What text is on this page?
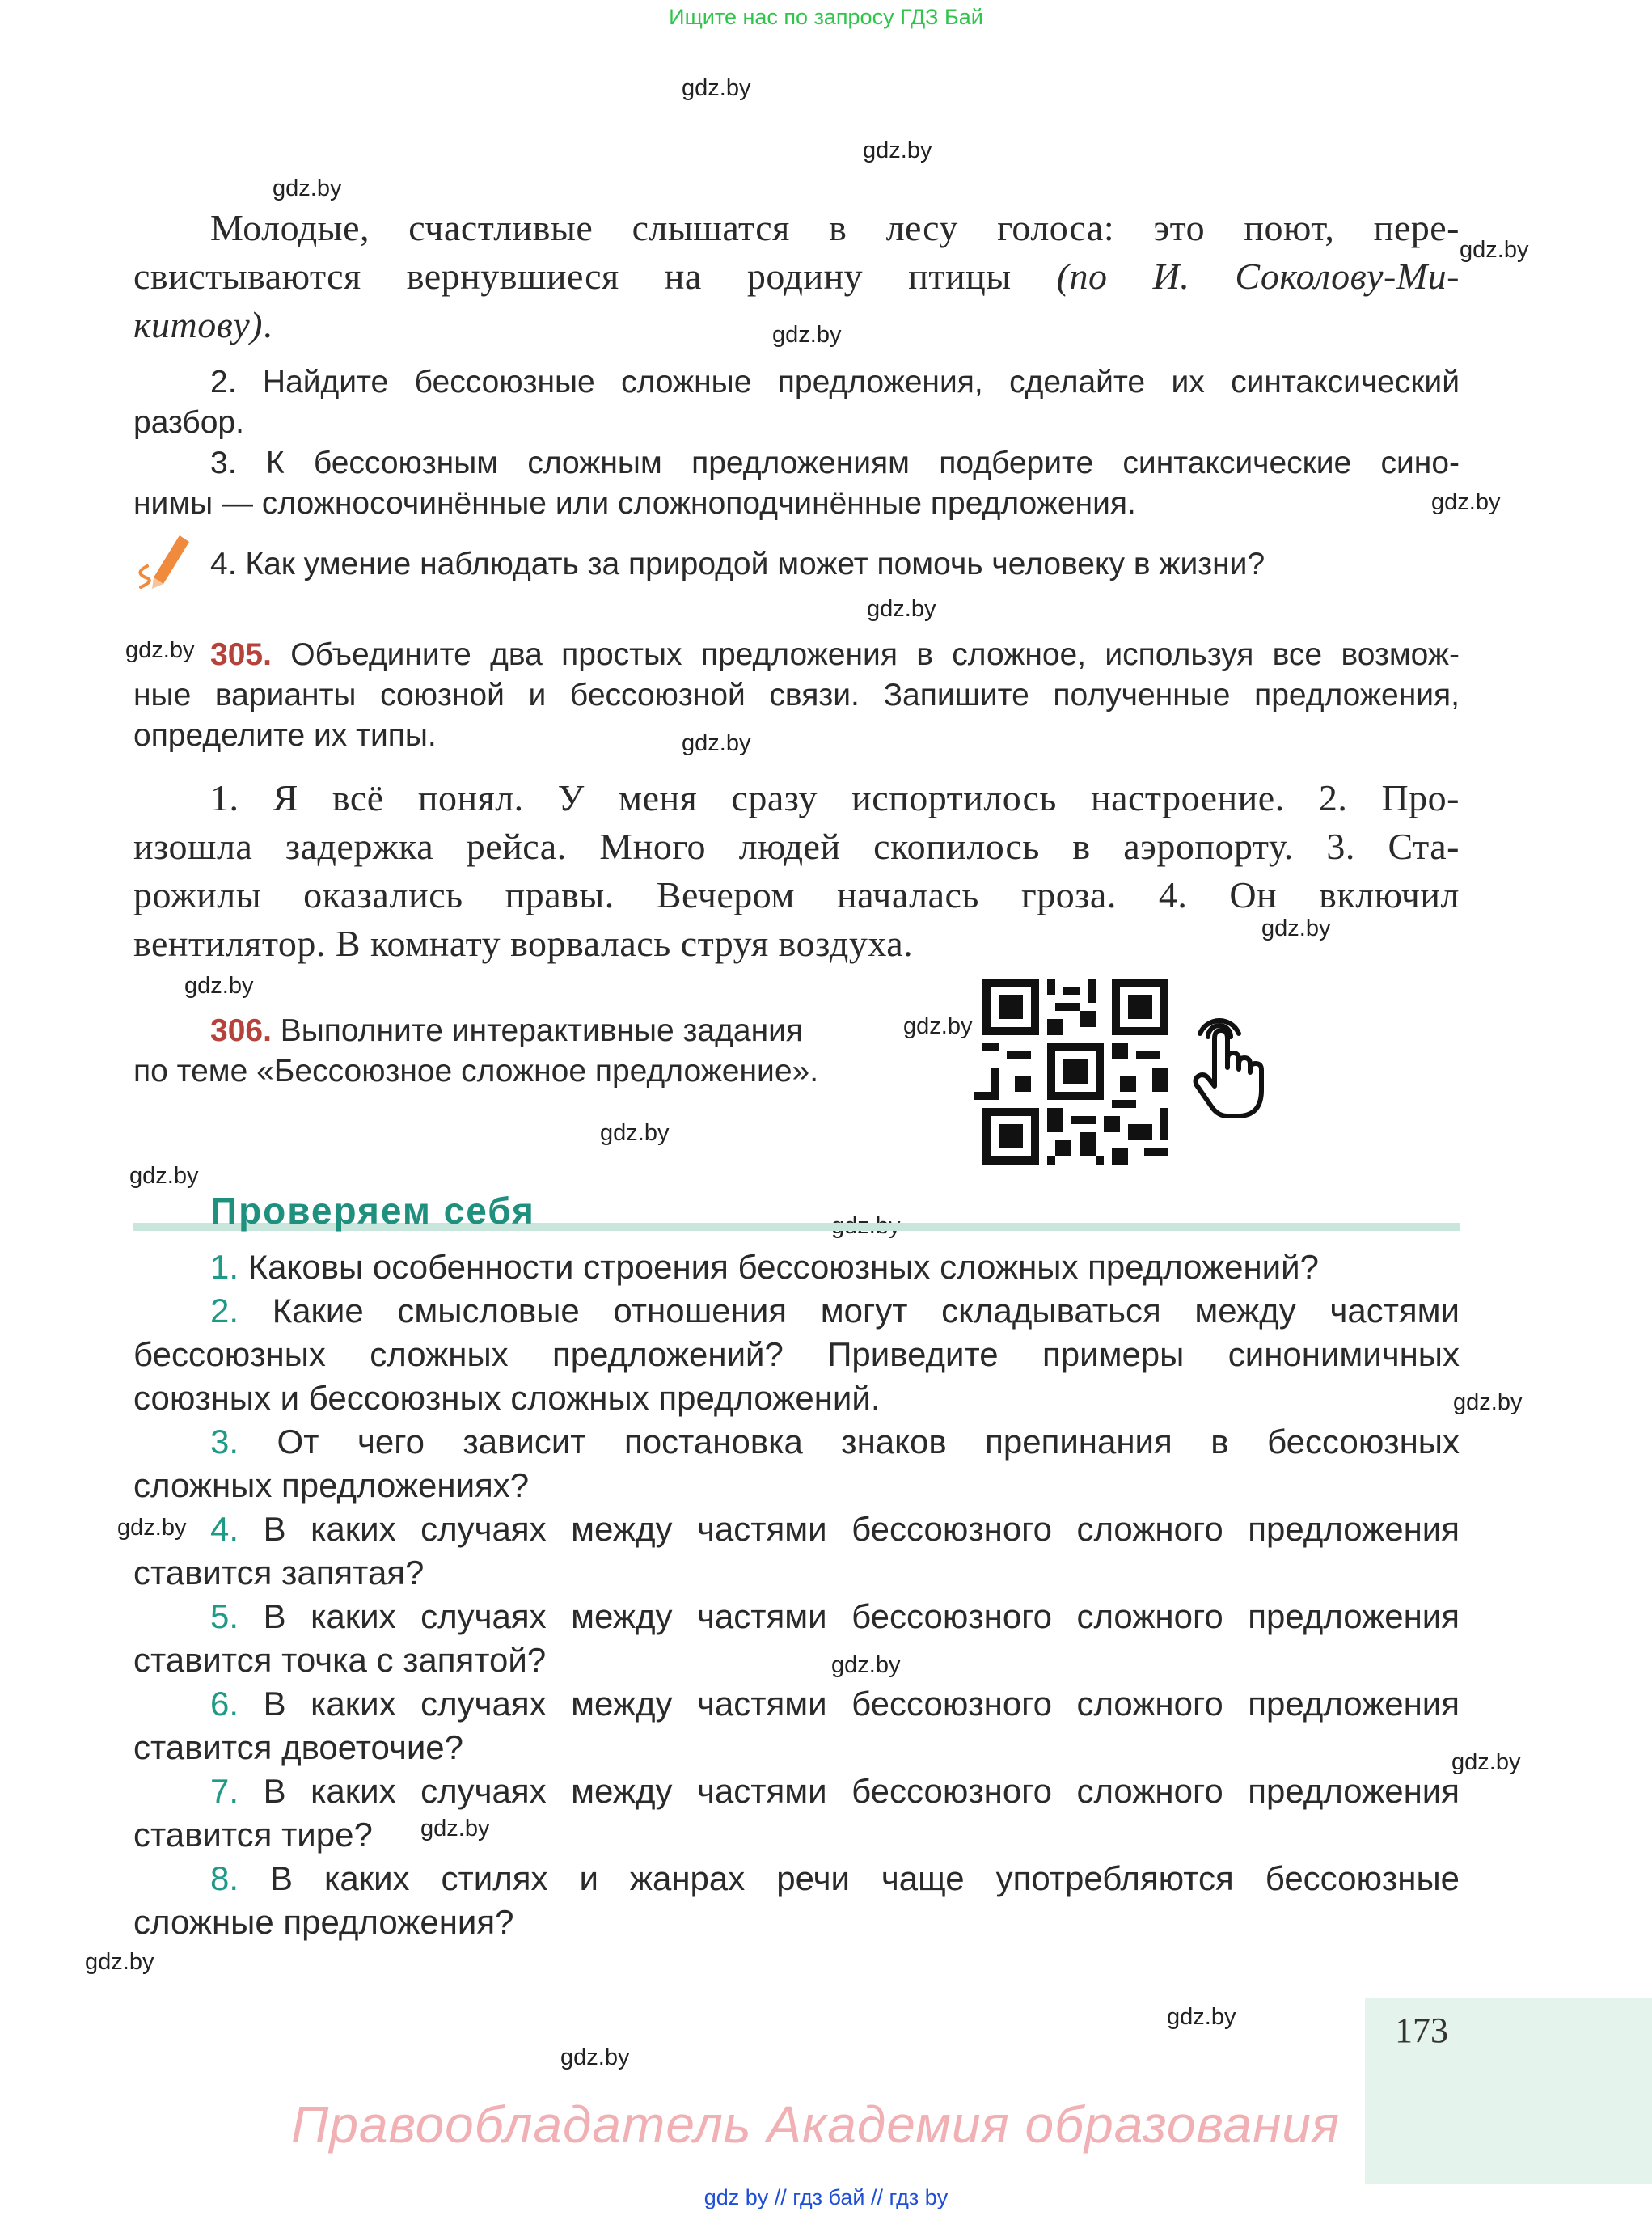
Ищите нас по запросу ГДЗ Бай
gdz.by
gdz.by
gdz.by
gdz.by
gdz.by
gdz.by
gdz.by
gdz.by
gdz.by
gdz.by
gdz.by
gdz.by
gdz.by
gdz.by
gdz.by
gdz.by
gdz.by
gdz.by
gdz.by
gdz.by
gdz.by
gdz.by

Молодые, счастливые слышатся в лесу голоса: это поют, пере-

свистываются вернувшиеся на родину птицы (по И. Соколову-Ми-

китову).

2. Найдите бессоюзные сложные предложения, сделайте их синтаксический

разбор.

3. К бессоюзным сложным предложениям подберите синтаксические сино-

нимы — сложносочинённые или сложноподчинённые предложения.

4. Как умение наблюдать за природой может помочь человеку в жизни?

305. Объедините два простых предложения в сложное, используя все возмож-

ные варианты союзной и бессоюзной связи. Запишите полученные предложения,

определите их типы.

1. Я всё понял. У меня сразу испортилось настроение. 2. Про-

изошла задержка рейса. Много людей скопилось в аэропорту. 3. Ста-

рожилы оказались правы. Вечером началась гроза. 4. Он включил

вентилятор. В комнату ворвалась струя воздуха.

306. Выполните интерактивные задания

по теме «Бессоюзное сложное предложение».

Проверяем себя

1. Каковы особенности строения бессоюзных сложных предложений?

2. Какие смысловые отношения могут складываться между частями

бессоюзных сложных предложений? Приведите примеры синонимичных

союзных и бессоюзных сложных предложений.

3. От чего зависит постановка знаков препинания в бессоюзных

сложных предложениях?

4. В каких случаях между частями бессоюзного сложного предложения

ставится запятая?

5. В каких случаях между частями бессоюзного сложного предложения

ставится точка с запятой?

6. В каких случаях между частями бессоюзного сложного предложения

ставится двоеточие?

7. В каких случаях между частями бессоюзного сложного предложения

ставится тире?

8. В каких стилях и жанрах речи чаще употребляются бессоюзные

сложные предложения?

173
Правообладатель Академия образования
gdz by // гдз бай // гдз by
